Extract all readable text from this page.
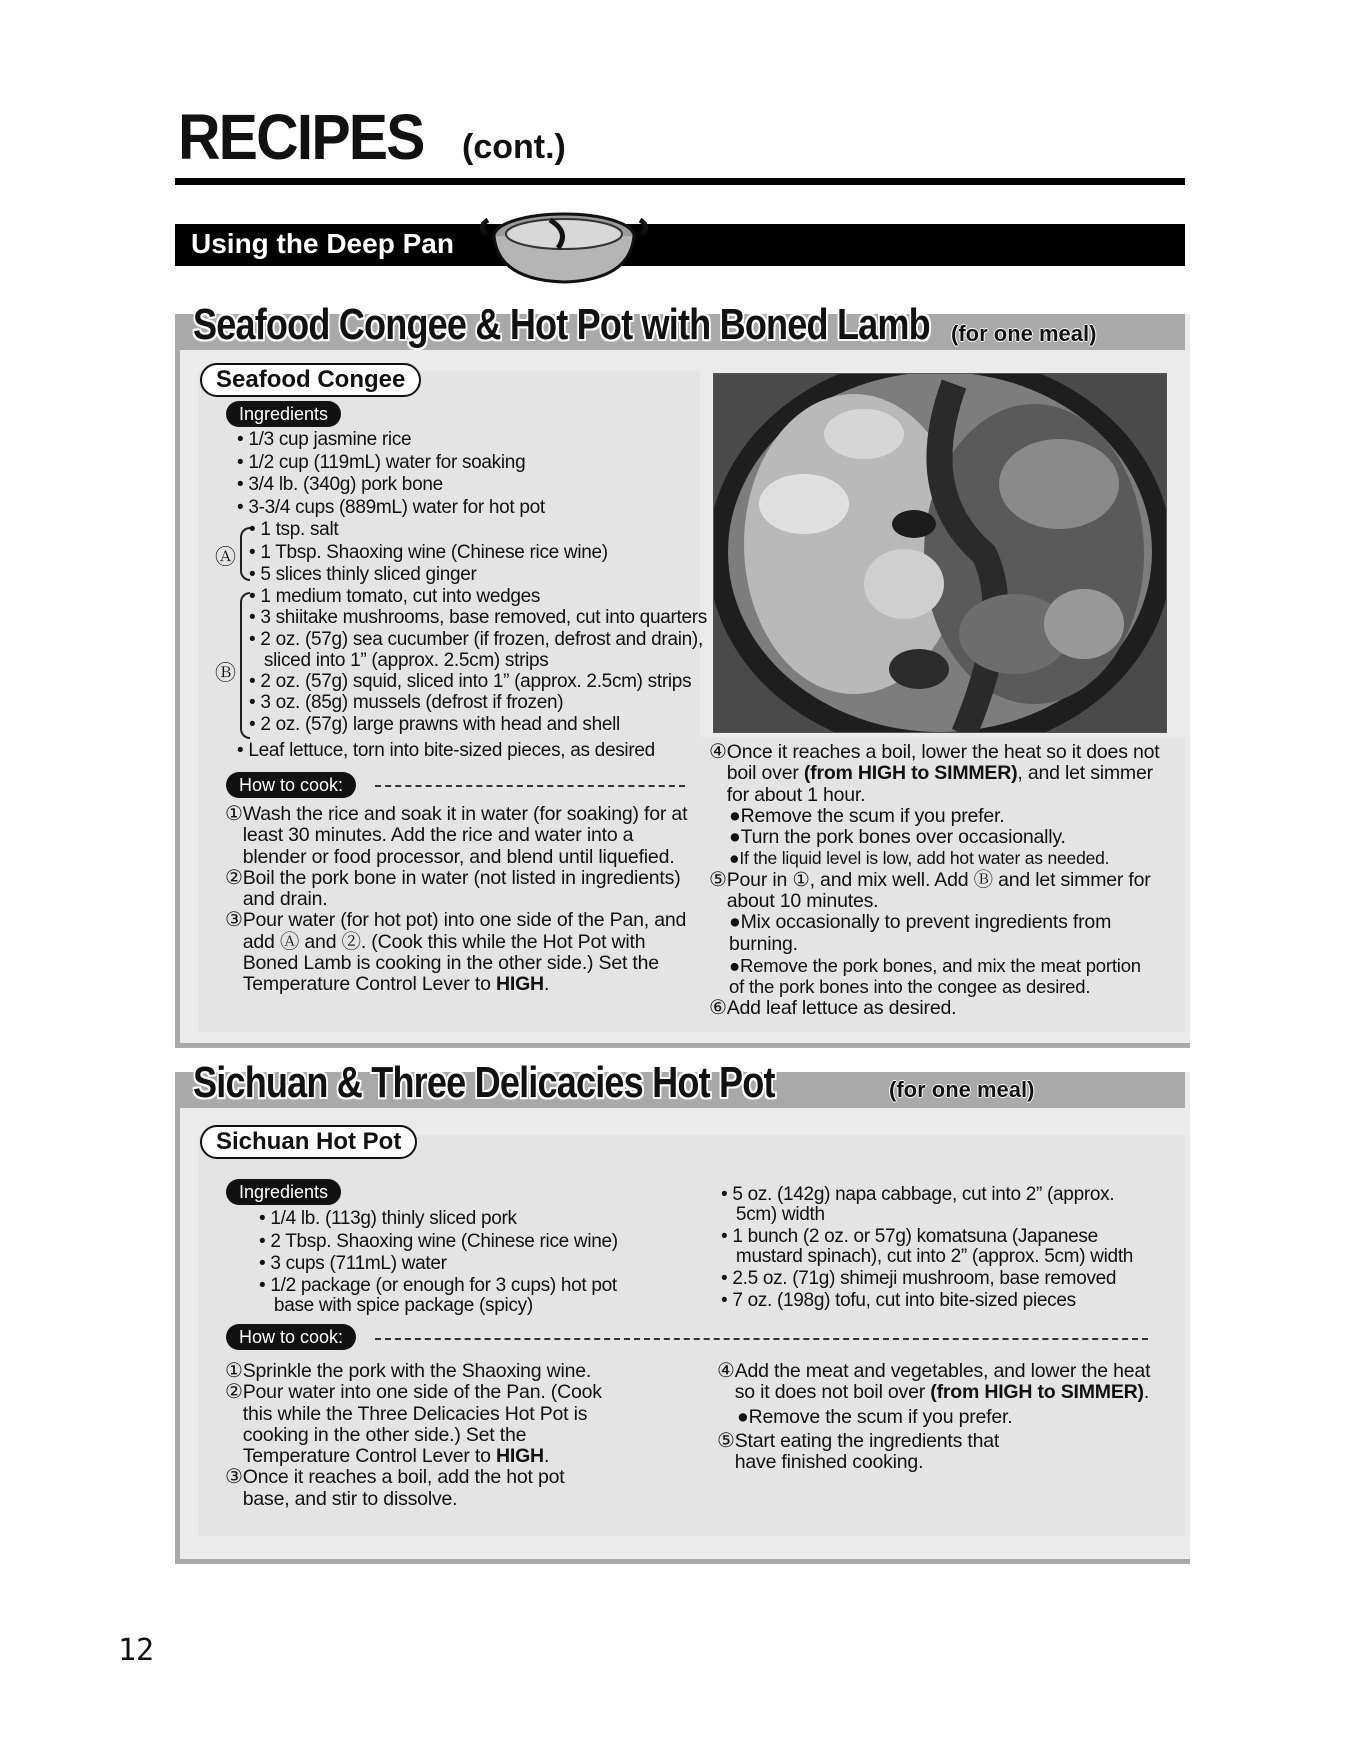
RECIPES (cont.)
Using the Deep Pan
Seafood Congee & Hot Pot with Boned Lamb (for one meal)
Seafood Congee
Ingredients
• 1/3 cup jasmine rice
• 1/2 cup (119mL) water for soaking
• 3/4 lb. (340g) pork bone
• 3-3/4 cups (889mL) water for hot pot
Ⓐ
• 1 tsp. salt
• 1 Tbsp. Shaoxing wine (Chinese rice wine)
• 5 slices thinly sliced ginger
Ⓑ
• 1 medium tomato, cut into wedges
• 3 shiitake mushrooms, base removed, cut into quarters
• 2 oz. (57g) sea cucumber (if frozen, defrost and drain),
sliced into 1” (approx. 2.5cm) strips
• 2 oz. (57g) squid, sliced into 1” (approx. 2.5cm) strips
• 3 oz. (85g) mussels (defrost if frozen)
• 2 oz. (57g) large prawns with head and shell
• Leaf lettuce, torn into bite-sized pieces, as desired
How to cook:
① Wash the rice and soak it in water (for soaking) for at least 30 minutes. Add the rice and water into a blender or food processor, and blend until liquefied.
② Boil the pork bone in water (not listed in ingredients) and drain.
③ Pour water (for hot pot) into one side of the Pan, and add Ⓐ and ②. (Cook this while the Hot Pot with Boned Lamb is cooking in the other side.) Set the Temperature Control Lever to HIGH.
④ Once it reaches a boil, lower the heat so it does not boil over (from HIGH to SIMMER), and let simmer for about 1 hour.
●Remove the scum if you prefer.
●Turn the pork bones over occasionally.
●If the liquid level is low, add hot water as needed.
⑤ Pour in ①, and mix well. Add Ⓑ and let simmer for about 10 minutes.
●Mix occasionally to prevent ingredients from burning.
●Remove the pork bones, and mix the meat portion of the pork bones into the congee as desired.
⑥ Add leaf lettuce as desired.
Sichuan & Three Delicacies Hot Pot	(for one meal)
Sichuan Hot Pot
Ingredients
• 1/4 lb. (113g) thinly sliced pork
• 2 Tbsp. Shaoxing wine (Chinese rice wine)
• 3 cups (711mL) water
• 1/2 package (or enough for 3 cups) hot pot
base with spice package (spicy)
• 5 oz. (142g) napa cabbage, cut into 2” (approx.
5cm) width
• 1 bunch (2 oz. or 57g) komatsuna (Japanese
mustard spinach), cut into 2” (approx. 5cm) width
• 2.5 oz. (71g) shimeji mushroom, base removed
• 7 oz. (198g) tofu, cut into bite-sized pieces
How to cook:
① Sprinkle the pork with the Shaoxing wine.
② Pour water into one side of the Pan. (Cook this while the Three Delicacies Hot Pot is cooking in the other side.) Set the Temperature Control Lever to HIGH.
③ Once it reaches a boil, add the hot pot base, and stir to dissolve.
④ Add the meat and vegetables, and lower the heat so it does not boil over (from HIGH to SIMMER).
●Remove the scum if you prefer.
⑤ Start eating the ingredients that have finished cooking.
12
